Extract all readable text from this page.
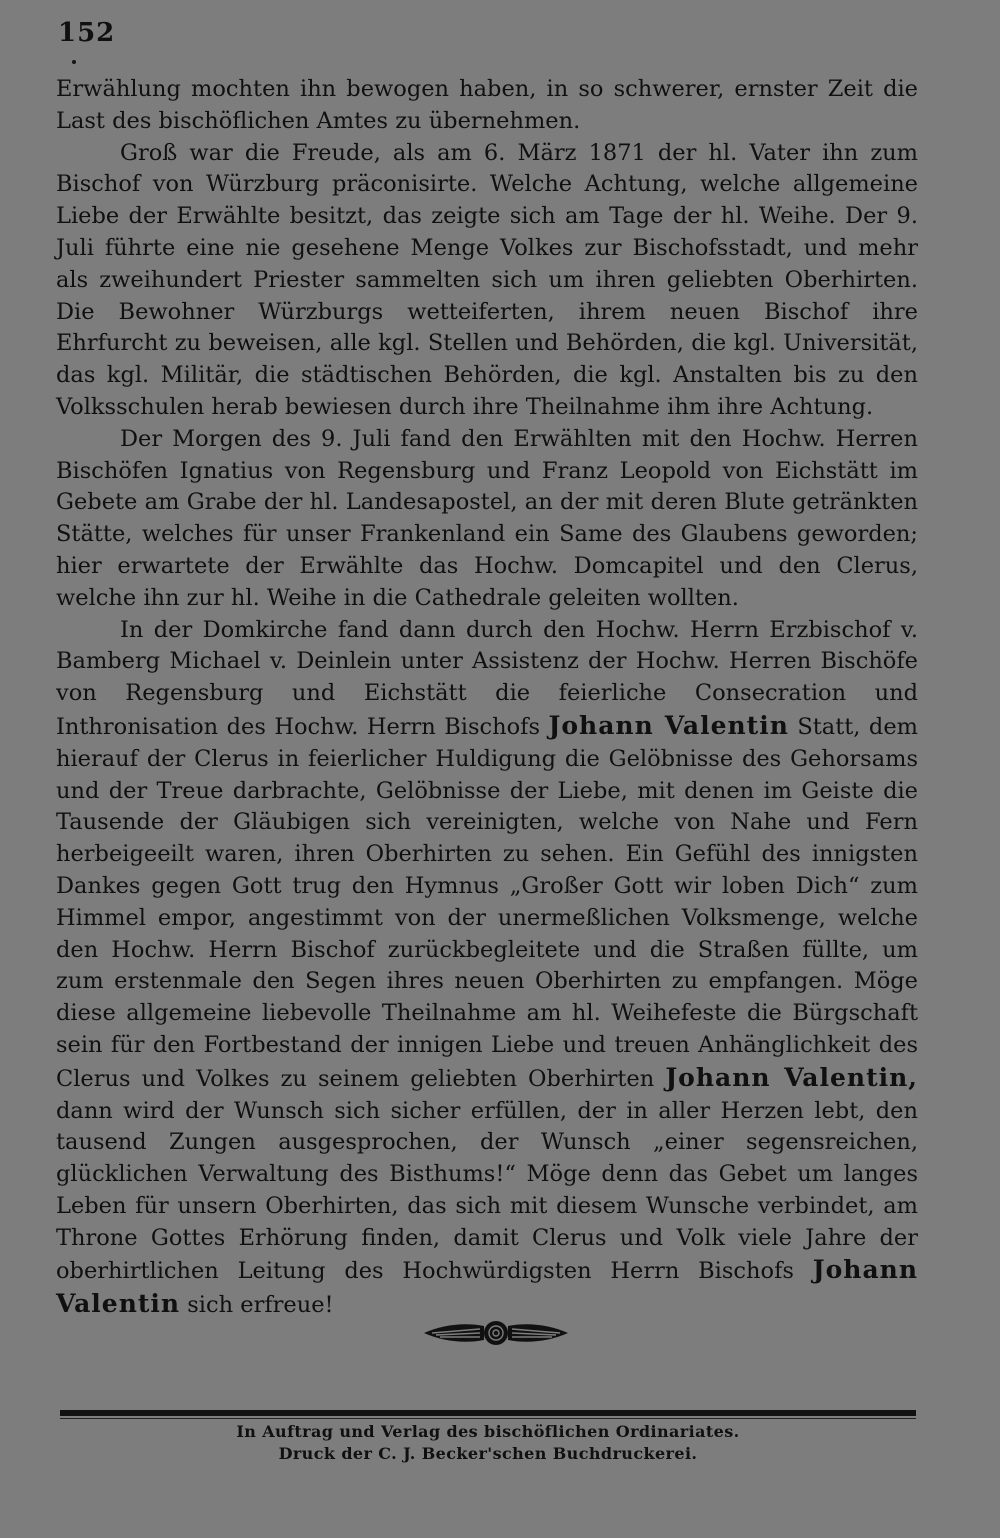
152

Erwählung mochten ihn bewogen haben, in so schwerer, ernster Zeit die Last des bischöflichen Amtes zu übernehmen.

Groß war die Freude, als am 6. März 1871 der hl. Vater ihn zum Bischof von Würzburg präconisirte. Welche Achtung, welche allgemeine Liebe der Erwählte besitzt, das zeigte sich am Tage der hl. Weihe. Der 9. Juli führte eine nie gesehene Menge Volkes zur Bischofsstadt, und mehr als zweihundert Priester sammelten sich um ihren geliebten Oberhirten. Die Bewohner Würzburgs wetteiferten, ihrem neuen Bischof ihre Ehrfurcht zu beweisen, alle kgl. Stellen und Behörden, die kgl. Universität, das kgl. Militär, die städtischen Behörden, die kgl. Anstalten bis zu den Volksschulen herab bewiesen durch ihre Theilnahme ihm ihre Achtung.

Der Morgen des 9. Juli fand den Erwählten mit den Hochw. Herren Bischöfen Ignatius von Regensburg und Franz Leopold von Eichstätt im Gebete am Grabe der hl. Landesapostel, an der mit deren Blute getränkten Stätte, welches für unser Frankenland ein Same des Glaubens geworden; hier erwartete der Erwählte das Hochw. Domcapitel und den Clerus, welche ihn zur hl. Weihe in die Cathedrale geleiten wollten.

In der Domkirche fand dann durch den Hochw. Herrn Erzbischof v. Bamberg Michael v. Deinlein unter Assistenz der Hochw. Herren Bischöfe von Regensburg und Eichstätt die feierliche Consecration und Inthronisation des Hochw. Herrn Bischofs Johann Valentin Statt, dem hierauf der Clerus in feierlicher Huldigung die Gelöbnisse des Gehorsams und der Treue darbrachte, Gelöbnisse der Liebe, mit denen im Geiste die Tausende der Gläubigen sich vereinigten, welche von Nahe und Fern herbeigeeilt waren, ihren Oberhirten zu sehen. Ein Gefühl des innigsten Dankes gegen Gott trug den Hymnus „Großer Gott wir loben Dich“ zum Himmel empor, angestimmt von der unermeßlichen Volksmenge, welche den Hochw. Herrn Bischof zurückbegleitete und die Straßen füllte, um zum erstenmale den Segen ihres neuen Oberhirten zu empfangen. Möge diese allgemeine liebevolle Theilnahme am hl. Weihefeste die Bürgschaft sein für den Fortbestand der innigen Liebe und treuen Anhänglichkeit des Clerus und Volkes zu seinem geliebten Oberhirten Johann Valentin, dann wird der Wunsch sich sicher erfüllen, der in aller Herzen lebt, den tausend Zungen ausgesprochen, der Wunsch „einer segensreichen, glücklichen Verwaltung des Bisthums!“ Möge denn das Gebet um langes Leben für unsern Oberhirten, das sich mit diesem Wunsche verbindet, am Throne Gottes Erhörung finden, damit Clerus und Volk viele Jahre der oberhirtlichen Leitung des Hochwürdigsten Herrn Bischofs Johann Valentin sich erfreue!

In Auftrag und Verlag des bischöflichen Ordinariates.
Druck der C. J. Becker'schen Buchdruckerei.
